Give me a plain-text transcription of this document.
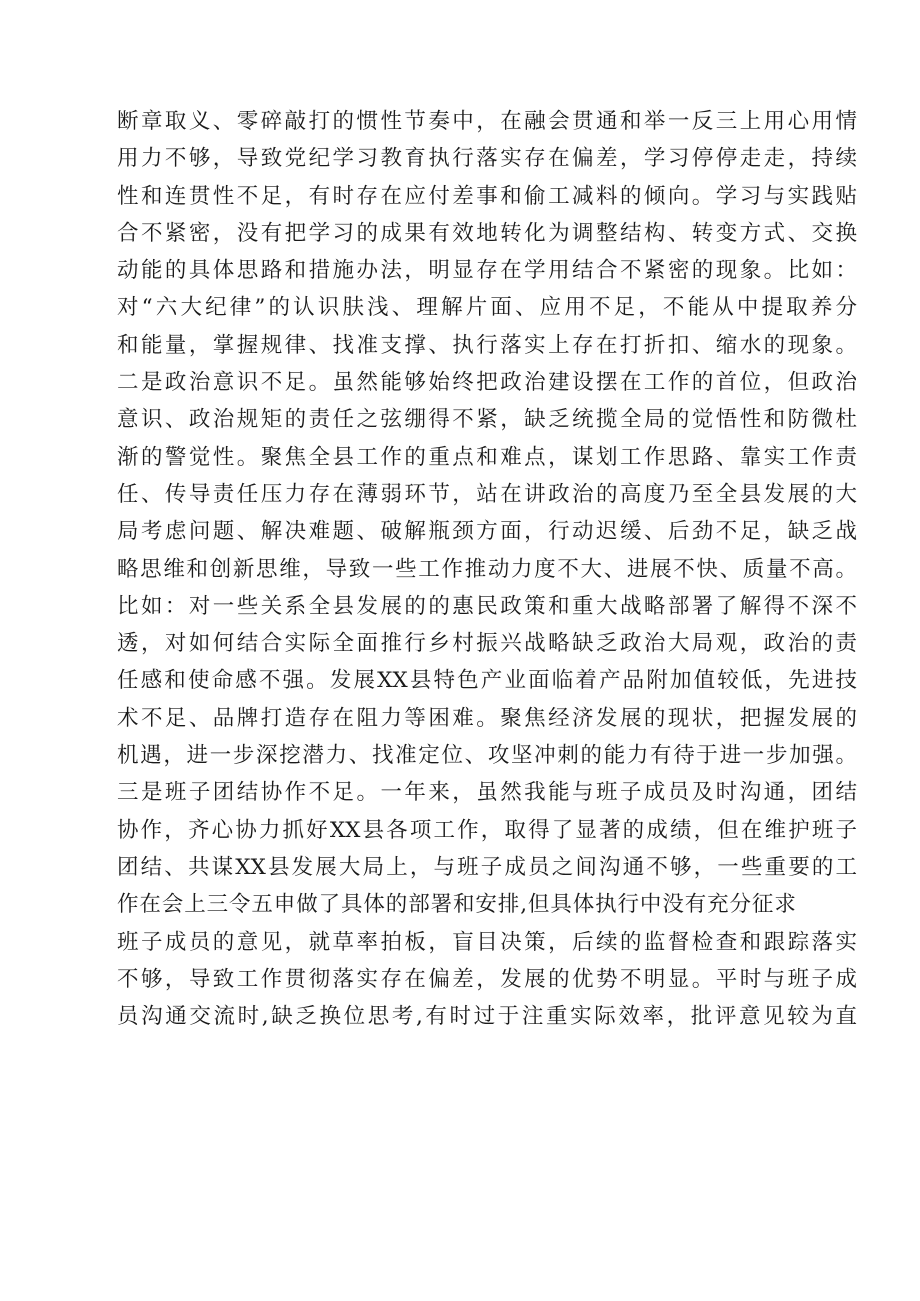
断章取义、零碎敲打的惯性节奏中，在融会贯通和举一反三上用心用情
用力不够，导致党纪学习教育执行落实存在偏差，学习停停走走，持续
性和连贯性不足，有时存在应付差事和偷工减料的倾向。学习与实践贴
合不紧密，没有把学习的成果有效地转化为调整结构、转变方式、交换
动能的具体思路和措施办法，明显存在学用结合不紧密的现象。比如：
对“六大纪律”的认识肤浅、理解片面、应用不足，不能从中提取养分
和能量，掌握规律、找准支撑、执行落实上存在打折扣、缩水的现象。
二是政治意识不足。虽然能够始终把政治建设摆在工作的首位，但政治
意识、政治规矩的责任之弦绷得不紧，缺乏统揽全局的觉悟性和防微杜
渐的警觉性。聚焦全县工作的重点和难点，谋划工作思路、靠实工作责
任、传导责任压力存在薄弱环节，站在讲政治的高度乃至全县发展的大
局考虑问题、解决难题、破解瓶颈方面，行动迟缓、后劲不足，缺乏战
略思维和创新思维，导致一些工作推动力度不大、进展不快、质量不高。
比如：对一些关系全县发展的的惠民政策和重大战略部署了解得不深不
透，对如何结合实际全面推行乡村振兴战略缺乏政治大局观，政治的责
任感和使命感不强。发展XX县特色产业面临着产品附加值较低，先进技
术不足、品牌打造存在阻力等困难。聚焦经济发展的现状，把握发展的
机遇，进一步深挖潜力、找准定位、攻坚冲刺的能力有待于进一步加强。
三是班子团结协作不足。一年来，虽然我能与班子成员及时沟通，团结
协作，齐心协力抓好XX县各项工作，取得了显著的成绩，但在维护班子
团结、共谋XX县发展大局上，与班子成员之间沟通不够，一些重要的工
作在会上三令五申做了具体的部署和安排,但具体执行中没有充分征求
班子成员的意见，就草率拍板，盲目决策，后续的监督检查和跟踪落实
不够，导致工作贯彻落实存在偏差，发展的优势不明显。平时与班子成
员沟通交流时,缺乏换位思考,有时过于注重实际效率，批评意见较为直
